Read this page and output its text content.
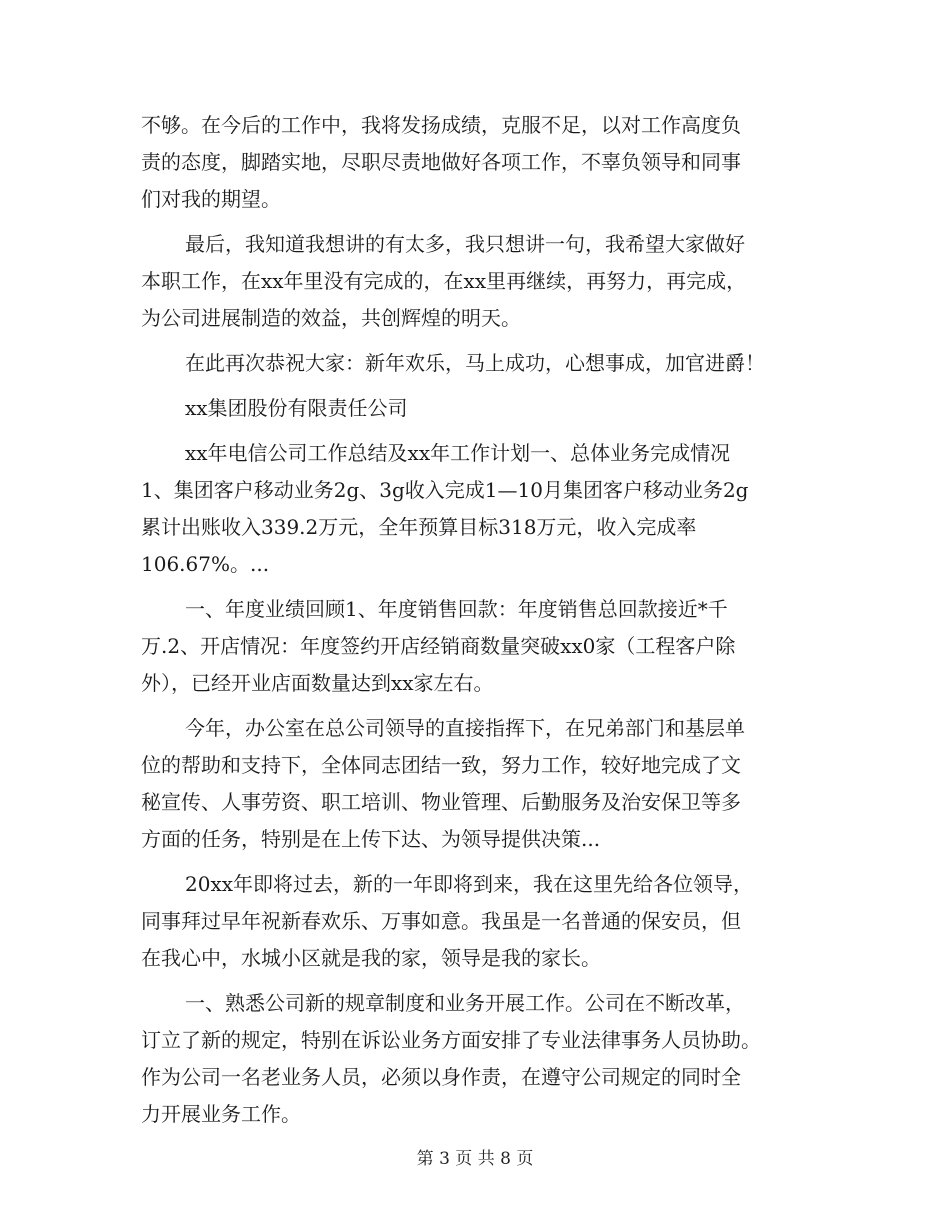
不够。在今后的工作中，我将发扬成绩，克服不足，以对工作高度负
责的态度，脚踏实地，尽职尽责地做好各项工作，不辜负领导和同事
们对我的期望。
最后，我知道我想讲的有太多，我只想讲一句，我希望大家做好
本职工作，在xx年里没有完成的，在xx里再继续，再努力，再完成，
为公司进展制造的效益，共创辉煌的明天。
在此再次恭祝大家：新年欢乐，马上成功，心想事成，加官进爵！
xx集团股份有限责任公司
xx年电信公司工作总结及xx年工作计划一、总体业务完成情况
1、集团客户移动业务2g、3g收入完成1—10月集团客户移动业务2g
累计出账收入339.2万元，全年预算目标318万元，收入完成率
106.67%。...
一、年度业绩回顾1、年度销售回款：年度销售总回款接近*千
万.2、开店情况：年度签约开店经销商数量突破xx0家（工程客户除
外），已经开业店面数量达到xx家左右。
今年，办公室在总公司领导的直接指挥下，在兄弟部门和基层单
位的帮助和支持下，全体同志团结一致，努力工作，较好地完成了文
秘宣传、人事劳资、职工培训、物业管理、后勤服务及治安保卫等多
方面的任务，特别是在上传下达、为领导提供决策...
20xx年即将过去，新的一年即将到来，我在这里先给各位领导，
同事拜过早年祝新春欢乐、万事如意。我虽是一名普通的保安员，但
在我心中，水城小区就是我的家，领导是我的家长。
一、熟悉公司新的规章制度和业务开展工作。公司在不断改革，
订立了新的规定，特别在诉讼业务方面安排了专业法律事务人员协助。
作为公司一名老业务人员，必须以身作责，在遵守公司规定的同时全
力开展业务工作。
第 3 页 共 8 页
